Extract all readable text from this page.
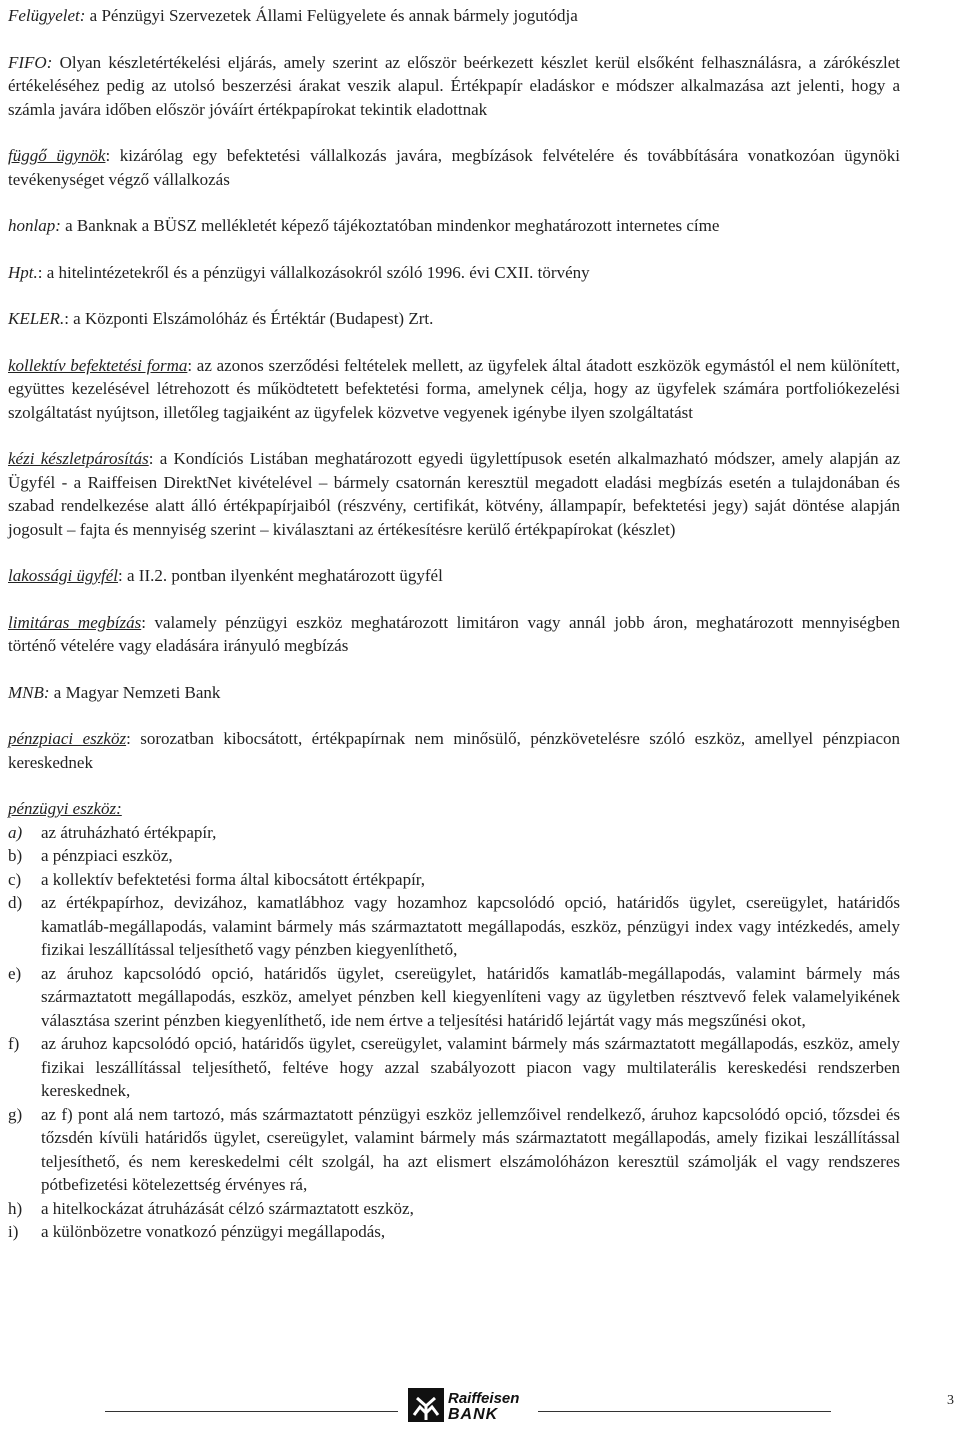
Felügyelet: a Pénzügyi Szervezetek Állami Felügyelete és annak bármely jogutódja

FIFO: Olyan készletértékelési eljárás, amely szerint az először beérkezett készlet kerül elsőként felhasználásra, a zárókészlet értékeléséhez pedig az utolsó beszerzési árakat veszik alapul. Értékpapír eladáskor e módszer alkalmazása azt jelenti, hogy a számla javára időben először jóváírt értékpapírokat tekintik eladottnak

függő ügynök: kizárólag egy befektetési vállalkozás javára, megbízások felvételére és továbbítására vonatkozóan ügynöki tevékenységet végző vállalkozás

honlap: a Banknak a BÜSZ mellékletét képező tájékoztatóban mindenkor meghatározott internetes címe

Hpt.: a hitelintézetekről és a pénzügyi vállalkozásokról szóló 1996. évi CXII. törvény

KELER.: a Központi Elszámolóház és Értéktár (Budapest) Zrt.

kollektív befektetési forma: az azonos szerződési feltételek mellett, az ügyfelek által átadott eszközök egymástól el nem különített, együttes kezelésével létrehozott és működtetett befektetési forma, amelynek célja, hogy az ügyfelek számára portfoliókezelési szolgáltatást nyújtson, illetőleg tagjaiként az ügyfelek közvetve vegyenek igénybe ilyen szolgáltatást

kézi készletpárosítás: a Kondíciós Listában meghatározott egyedi ügylettípusok esetén alkalmazható módszer, amely alapján az Ügyfél - a Raiffeisen DirektNet kivételével – bármely csatornán keresztül megadott eladási megbízás esetén a tulajdonában és szabad rendelkezése alatt álló értékpapírjaiból (részvény, certifikát, kötvény, állampapír, befektetési jegy) saját döntése alapján jogosult – fajta és mennyiség szerint – kiválasztani az értékesítésre kerülő értékpapírokat (készlet)

lakossági ügyfél: a II.2. pontban ilyenként meghatározott ügyfél

limitáras megbízás: valamely pénzügyi eszköz meghatározott limitáron vagy annál jobb áron, meghatározott mennyiségben történő vételére vagy eladására irányuló megbízás

MNB: a Magyar Nemzeti Bank

pénzpiaci eszköz: sorozatban kibocsátott, értékpapírnak nem minősülő, pénzkövetelésre szóló eszköz, amellyel pénzpiacon kereskednek

pénzügyi eszköz:

a)	az átruházható értékpapír,
b)	a pénzpiaci eszköz,
c)	a kollektív befektetési forma által kibocsátott értékpapír,
d)	az értékpapírhoz, devizához, kamatlábhoz vagy hozamhoz kapcsolódó opció, határidős ügylet, csereügylet, határidős kamatláb-megállapodás, valamint bármely más származtatott megállapodás, eszköz, pénzügyi index vagy intézkedés, amely fizikai leszállítással teljesíthető vagy pénzben kiegyenlíthető,
e)	az áruhoz kapcsolódó opció, határidős ügylet, csereügylet, határidős kamatláb-megállapodás, valamint bármely más származtatott megállapodás, eszköz, amelyet pénzben kell kiegyenlíteni vagy az ügyletben résztvevő felek valamelyikének választása szerint pénzben kiegyenlíthető, ide nem értve a teljesítési határidő lejártát vagy más megszűnési okot,
f)	az áruhoz kapcsolódó opció, határidős ügylet, csereügylet, valamint bármely más származtatott megállapodás, eszköz, amely fizikai leszállítással teljesíthető, feltéve hogy azzal szabályozott piacon vagy multilaterális kereskedési rendszerben kereskednek,
g)	az f) pont alá nem tartozó, más származtatott pénzügyi eszköz jellemzőivel rendelkező, áruhoz kapcsolódó opció, tőzsdei és tőzsdén kívüli határidős ügylet, csereügylet, valamint bármely más származtatott megállapodás, amely fizikai leszállítással teljesíthető, és nem kereskedelmi célt szolgál, ha azt elismert elszámolóházon keresztül számolják el vagy rendszeres pótbefizetési kötelezettség érvényes rá,
h)	a hitelkockázat átruházását célzó származtatott eszköz,
i)	a különbözetre vonatkozó pénzügyi megállapodás,
Raiffeisen
BANK
3
